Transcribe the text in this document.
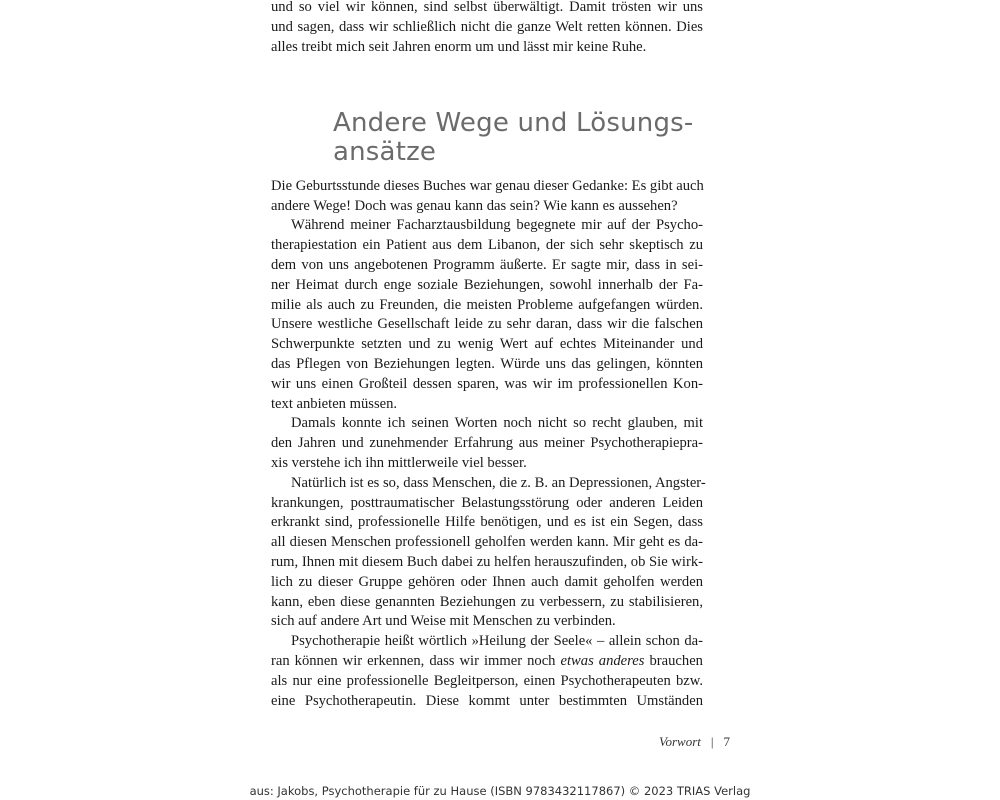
und so viel wir können, sind selbst überwältigt. Damit trösten wir uns
und sagen, dass wir schließlich nicht die ganze Welt retten können. Dies
alles treibt mich seit Jahren enorm um und lässt mir keine Ruhe.
Andere Wege und Lösungs-
ansätze
Die Geburtsstunde dieses Buches war genau dieser Gedanke: Es gibt auch
andere Wege! Doch was genau kann das sein? Wie kann es aussehen?
Während meiner Facharztausbildung begegnete mir auf der Psycho-
therapiestation ein Patient aus dem Libanon, der sich sehr skeptisch zu
dem von uns angebotenen Programm äußerte. Er sagte mir, dass in sei-
ner Heimat durch enge soziale Beziehungen, sowohl innerhalb der Fa-
milie als auch zu Freunden, die meisten Probleme aufgefangen würden.
Unsere westliche Gesellschaft leide zu sehr daran, dass wir die falschen
Schwerpunkte setzten und zu wenig Wert auf echtes Miteinander und
das Pflegen von Beziehungen legten. Würde uns das gelingen, könnten
wir uns einen Großteil dessen sparen, was wir im professionellen Kon-
text anbieten müssen.
Damals konnte ich seinen Worten noch nicht so recht glauben, mit
den Jahren und zunehmender Erfahrung aus meiner Psychotherapiepra-
xis verstehe ich ihn mittlerweile viel besser.
Natürlich ist es so, dass Menschen, die z. B. an Depressionen, Angster-
krankungen, posttraumatischer Belastungsstörung oder anderen Leiden
erkrankt sind, professionelle Hilfe benötigen, und es ist ein Segen, dass
all diesen Menschen professionell geholfen werden kann. Mir geht es da-
rum, Ihnen mit diesem Buch dabei zu helfen herauszufinden, ob Sie wirk-
lich zu dieser Gruppe gehören oder Ihnen auch damit geholfen werden
kann, eben diese genannten Beziehungen zu verbessern, zu stabilisieren,
sich auf andere Art und Weise mit Menschen zu verbinden.
Psychotherapie heißt wörtlich »Heilung der Seele« – allein schon da-
ran können wir erkennen, dass wir immer noch etwas anderes brauchen
als nur eine professionelle Begleitperson, einen Psychotherapeuten bzw.
eine Psychotherapeutin. Diese kommt unter bestimmten Umständen
Vorwort | 7
aus: Jakobs, Psychotherapie für zu Hause (ISBN 9783432117867) © 2023 TRIAS Verlag
